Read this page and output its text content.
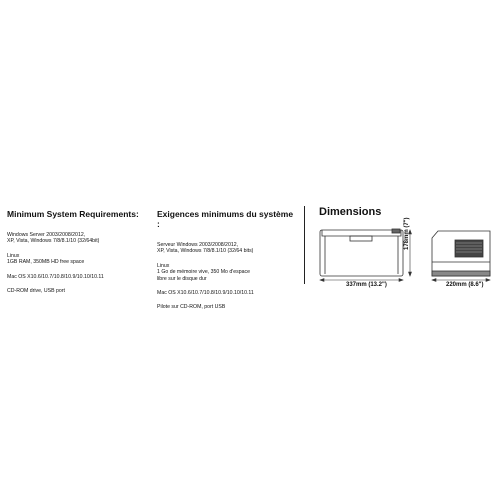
Minimum System Requirements:

Windows Server 2003/2008/2012,
XP, Vista, Windows 7/8/8.1/10 (32/64bit)

Linux
1GB RAM, 350MB HD free space

Mac OS X10.6/10.7/10.8/10.9/10.10/10.11

CD-ROM drive, USB port

Exigences minimums du système :

Serveur Windows 2003/2008/2012,
XP, Vista, Windows 7/8/8.1/10 (32/64 bits)

Linux
1 Go de mémoire vive, 350 Mo d'espace
libre sur le disque dur

Mac OS X10.6/10.7/10.8/10.9/10.10/10.11

Pilote sur CD-ROM, port USB

Dimensions

337mm (13.2")
178mm (7")
220mm (8.6")
